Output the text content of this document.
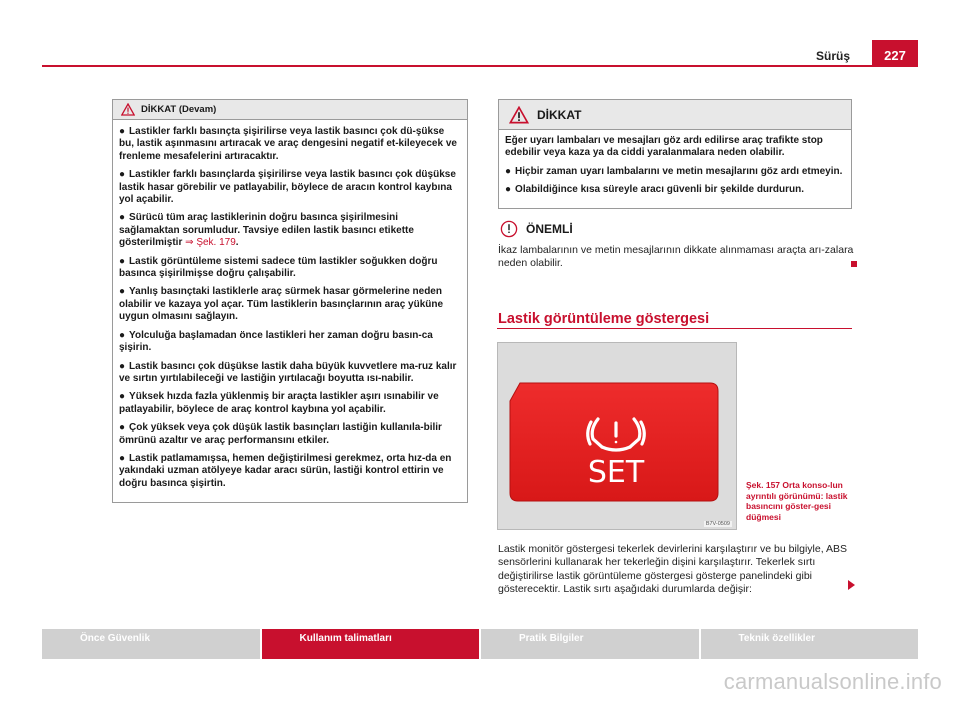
Sürüş	227
DİKKAT (Devam)

● Lastikler farklı basınçta şişirilirse veya lastik basıncı çok dü-şükse bu, lastik aşınmasını artıracak ve araç dengesini negatif et-kileyecek ve frenleme mesafelerini artıracaktır.

● Lastikler farklı basınçlarda şişirilirse veya lastik basıncı çok düşükse lastik hasar görebilir ve patlayabilir, böylece de aracın kontrol kaybına yol açabilir.

● Sürücü tüm araç lastiklerinin doğru basınca şişirilmesini sağlamaktan sorumludur. Tavsiye edilen lastik basıncı etikette gösterilmiştir ⇒ Şek. 179.

● Lastik görüntüleme sistemi sadece tüm lastikler soğukken doğru basınca şişirilmişse doğru çalışabilir.

● Yanlış basınçtaki lastiklerle araç sürmek hasar görmelerine neden olabilir ve kazaya yol açar. Tüm lastiklerin basınçlarının araç yüküne uygun olmasını sağlayın.

● Yolculuğa başlamadan önce lastikleri her zaman doğru basın-ca şişirin.

● Lastik basıncı çok düşükse lastik daha büyük kuvvetlere ma-ruz kalır ve sırtın yırtılabileceği ve lastiğin yırtılacağı boyutta ısı-nabilir.

● Yüksek hızda fazla yüklenmiş bir araçta lastikler aşırı ısınabilir ve patlayabilir, böylece de araç kontrol kaybına yol açabilir.

● Çok yüksek veya çok düşük lastik basınçları lastiğin kullanıla-bilir ömrünü azaltır ve araç performansını etkiler.

● Lastik patlamamışsa, hemen değiştirilmesi gerekmez, orta hız-da en yakındaki uzman atölyeye kadar aracı sürün, lastiği kontrol ettirin ve doğru basınca şişirtin.

DİKKAT

Eğer uyarı lambaları ve mesajları göz ardı edilirse araç trafikte stop edebilir veya kaza ya da ciddi yaralanmalara neden olabilir.

● Hiçbir zaman uyarı lambalarını ve metin mesajlarını göz ardı etmeyin.

● Olabildiğince kısa süreyle aracı güvenli bir şekilde durdurun.

ÖNEMLİ
İkaz lambalarının ve metin mesajlarının dikkate alınmaması araçta arı-zalara neden olabilir.
Lastik görüntüleme göstergesi
SET
B7V-0509
Şek. 157 Orta konso-lun ayrıntılı görünümü: lastik basıncını göster-gesi düğmesi
Lastik monitör göstergesi tekerlek devirlerini karşılaştırır ve bu bilgiyle, ABS sensörlerini kullanarak her tekerleğin dişini karşılaştırır. Tekerlek sırtı değiştirilirse lastik görüntüleme göstergesi gösterge panelindeki gibi gösterecektir. Lastik sırtı aşağıdaki durumlarda değişir:
Önce Güvenlik	Kullanım talimatları	Pratik Bilgiler	Teknik özellikler
carmanualsonline.info
